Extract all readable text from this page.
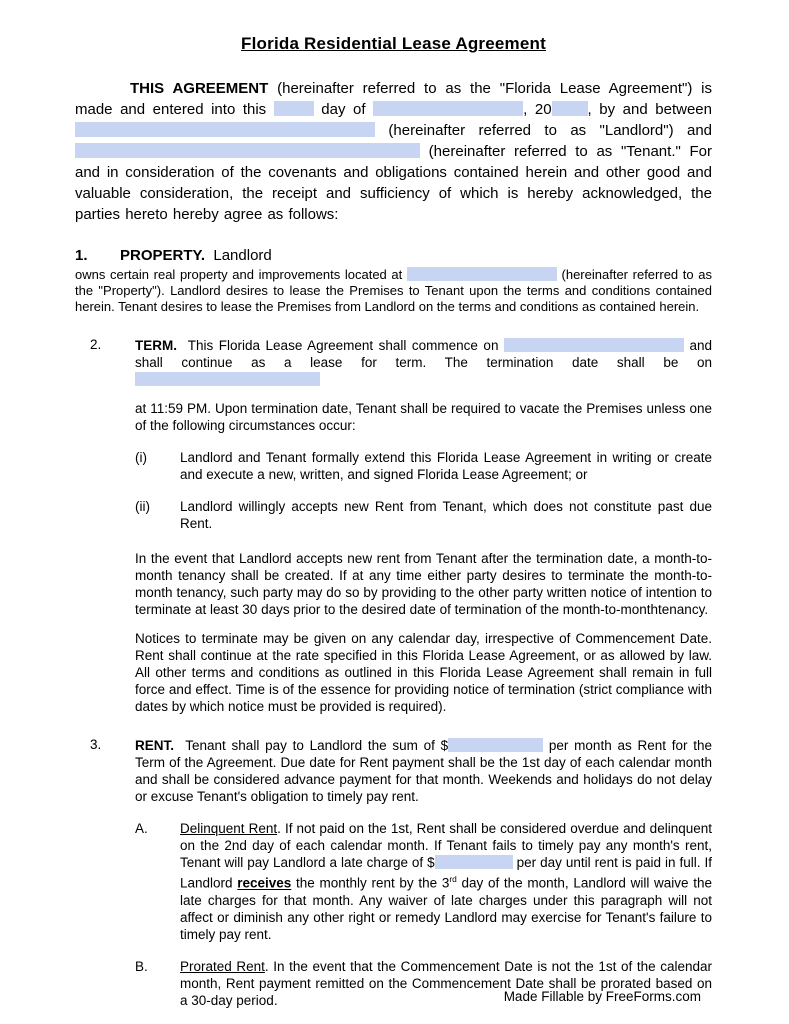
Florida Residential Lease Agreement

THIS AGREEMENT (hereinafter referred to as the "Florida Lease Agreement") is made and entered into this	day of	, 20 , by and between  (hereinafter referred to as "Landlord") and  (hereinafter referred to as "Tenant." For and in consideration of the covenants and obligations contained herein and other good and valuable consideration, the receipt and sufficiency of which is hereby acknowledged, the parties hereto hereby agree as follows:

1.	PROPERTY.  Landlord

owns certain real property and improvements located at	(hereinafter referred to as the "Property"). Landlord desires to lease the Premises to Tenant upon the terms and conditions contained herein. Tenant desires to lease the Premises from Landlord on the terms and conditions as contained herein.

2.	TERM.  This Florida Lease Agreement shall commence on	and shall continue as a lease for term. The termination date shall be on

at 11:59 PM. Upon termination date, Tenant shall be required to vacate the Premises unless one of the following circumstances occur:

(i)	Landlord and Tenant formally extend this Florida Lease Agreement in writing or create and execute a new, written, and signed Florida Lease Agreement; or

(ii)	Landlord willingly accepts new Rent from Tenant, which does not constitute past due Rent.

In the event that Landlord accepts new rent from Tenant after the termination date, a month-to-month tenancy shall be created. If at any time either party desires to terminate the month-to-month tenancy, such party may do so by providing to the other party written notice of intention to terminate at least 30 days prior to the desired date of termination of the month-to-monthtenancy.

Notices to terminate may be given on any calendar day, irrespective of Commencement Date. Rent shall continue at the rate specified in this Florida Lease Agreement, or as allowed by law. All other terms and conditions as outlined in this Florida Lease Agreement shall remain in full force and effect. Time is of the essence for providing notice of termination (strict compliance with dates by which notice must be provided is required).

3.	RENT.  Tenant shall pay to Landlord the sum of $	per month as Rent for the Term of the Agreement. Due date for Rent payment shall be the 1st day of each calendar month and shall be considered advance payment for that month. Weekends and holidays do not delay or excuse Tenant's obligation to timely pay rent.

A.	Delinquent Rent. If not paid on the 1st, Rent shall be considered overdue and delinquent on the 2nd day of each calendar month. If Tenant fails to timely pay any month's rent, Tenant will pay Landlord a late charge of $	per day until rent is paid in full. If Landlord receives the monthly rent by the 3rd day of the month, Landlord will waive the late charges for that month. Any waiver of late charges under this paragraph will not affect or diminish any other right or remedy Landlord may exercise for Tenant's failure to timely pay rent.

B.	Prorated Rent. In the event that the Commencement Date is not the 1st of the calendar month, Rent payment remitted on the Commencement Date shall be prorated based on a 30-day period.	Made Fillable by FreeForms.com
